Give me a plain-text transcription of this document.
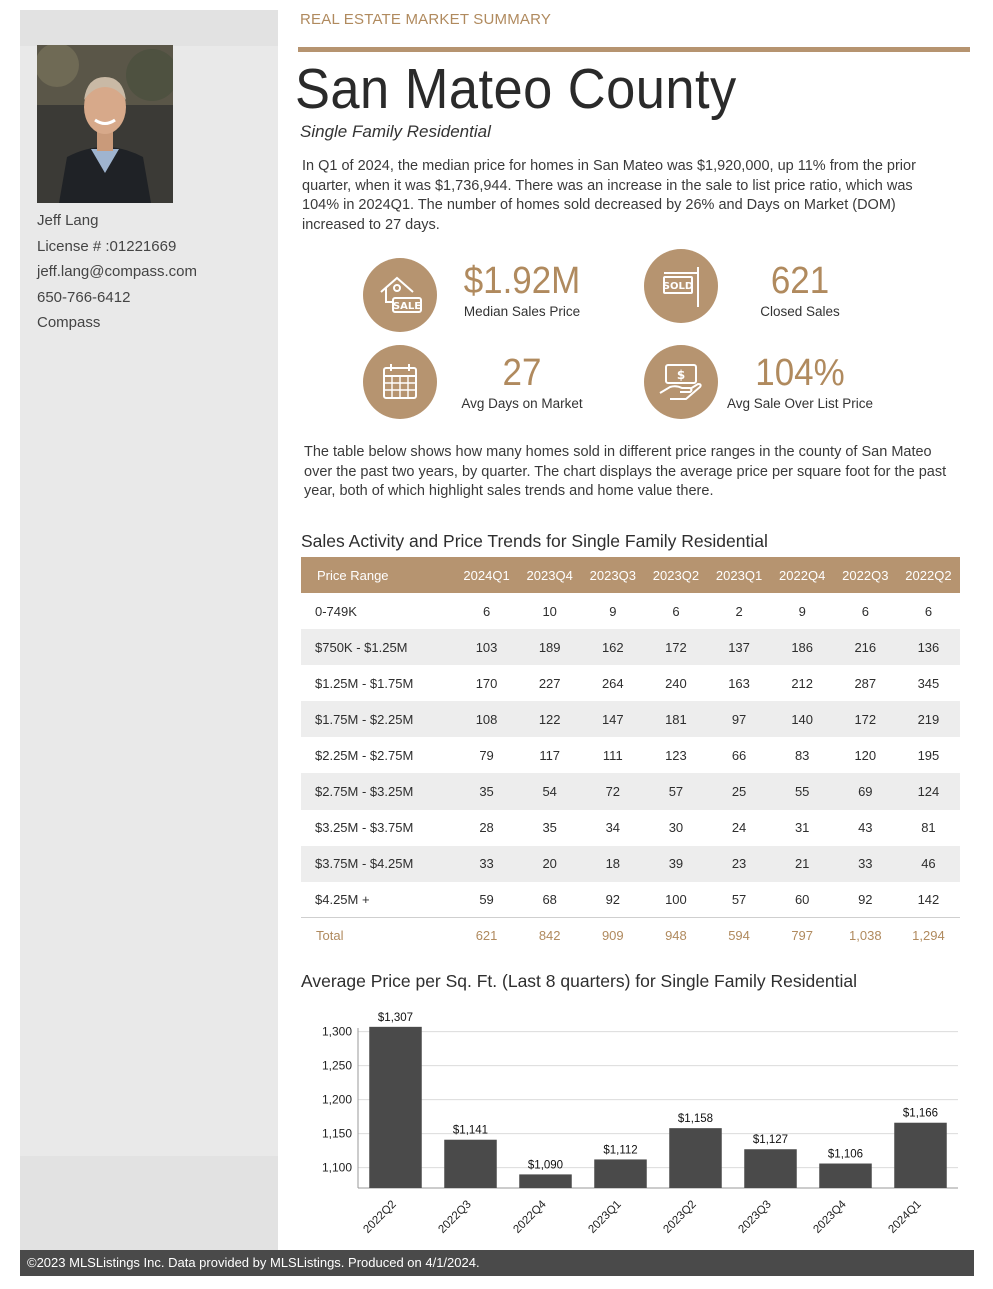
Jeff Lang
License # :01221669
jeff.lang@compass.com
650-766-6412
Compass
REAL ESTATE MARKET SUMMARY
San Mateo County
Single Family Residential
In Q1 of 2024, the median price for homes in San Mateo was $1,920,000, up 11% from the prior quarter, when it was $1,736,944. There was an increase in the sale to list price ratio, which was 104% in 2024Q1. The number of homes sold decreased by 26% and Days on Market (DOM) increased to 27 days.
SALE
$1.92M
Median Sales Price
SOLD	621
Closed Sales
27
Avg Days on Market
$	104%
Avg Sale Over List Price
The table below shows how many homes sold in different price ranges in the county of San Mateo over the past two years, by quarter. The chart displays the average price per square foot for the past year, both of which highlight sales trends and home value there.
Sales Activity and Price Trends for Single Family Residential
Price Range	2024Q1	2023Q4	2023Q3	2023Q2	2023Q1	2022Q4	2022Q3	2022Q2
0-749K	6	10	9	6	2	9	6	6
$750K - $1.25M	103	189	162	172	137	186	216	136
$1.25M - $1.75M	170	227	264	240	163	212	287	345
$1.75M - $2.25M	108	122	147	181	97	140	172	219
$2.25M - $2.75M	79	117	111	123	66	83	120	195
$2.75M - $3.25M	35	54	72	57	25	55	69	124
$3.25M - $3.75M	28	35	34	30	24	31	43	81
$3.75M - $4.25M	33	20	18	39	23	21	33	46
$4.25M +	59	68	92	100	57	60	92	142
Total	621	842	909	948	594	797	1,038	1,294
Average Price per Sq. Ft. (Last 8 quarters) for Single Family Residential
1,100
1,150
1,200
1,250
1,300
$1,307
2022Q2
$1,141
2022Q3
$1,090
2022Q4
$1,112
2023Q1
$1,158
2023Q2
$1,127
2023Q3
$1,106
2023Q4
$1,166
2024Q1
©2023 MLSListings Inc. Data provided by MLSListings. Produced on 4/1/2024.
